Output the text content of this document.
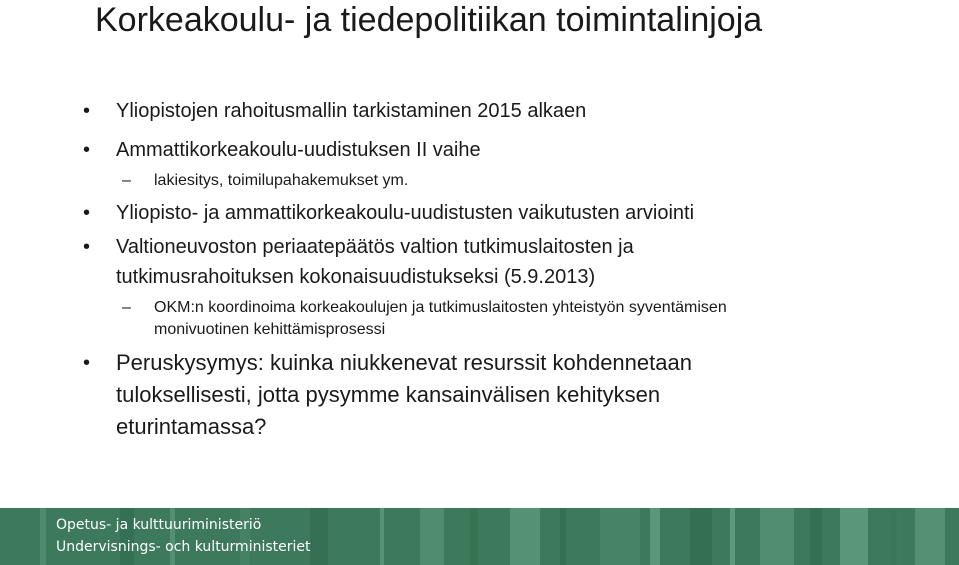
Korkeakoulu- ja tiedepolitiikan toimintalinjoja
• Yliopistojen rahoitusmallin tarkistaminen 2015 alkaen
• Ammattikorkeakoulu-uudistuksen II vaihe
– lakiesitys, toimilupahakemukset ym.
• Yliopisto- ja ammattikorkeakoulu-uudistusten vaikutusten arviointi
• Valtioneuvoston periaatepäätös valtion tutkimuslaitosten ja
tutkimusrahoituksen kokonaisuudistukseksi (5.9.2013)
– OKM:n koordinoima korkeakoulujen ja tutkimuslaitosten yhteistyön syventämisen
monivuotinen kehittämisprosessi
• Peruskysymys: kuinka niukkenevat resurssit kohdennetaan
tuloksellisesti, jotta pysymme kansainvälisen kehityksen
eturintamassa?
Opetus- ja kulttuuriministeriö
Undervisnings- och kulturministeriet
